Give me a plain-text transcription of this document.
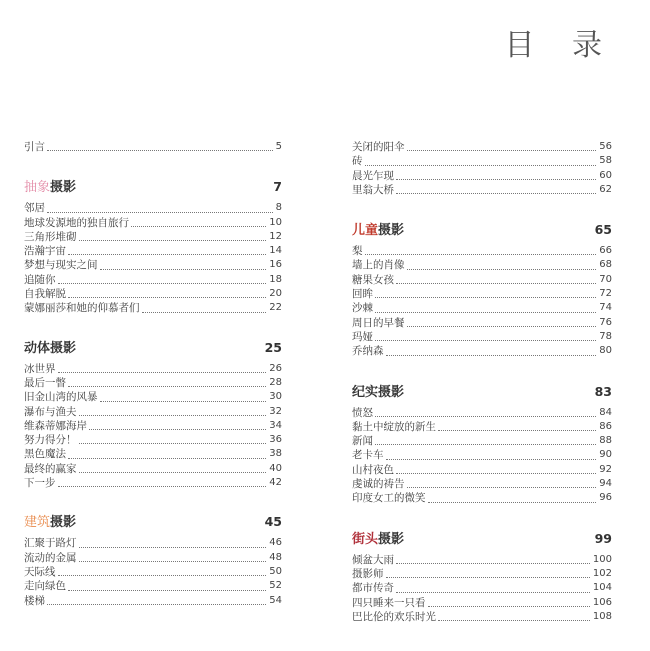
目 录
引言	5
抽象摄影	7
邻居	8
地球发源地的独自旅行	10
三角形堆砌	12
浩瀚宇宙	14
梦想与现实之间	16
追随你	18
自我解脱	20
蒙娜丽莎和她的仰慕者们	22
动体摄影	25
冰世界	26
最后一瞥	28
旧金山湾的风暴	30
瀑布与渔夫	32
维森蒂娜海岸	34
努力得分！	36
黑色魔法	38
最终的赢家	40
下一步	42
建筑摄影	45
汇聚于路灯	46
流动的金属	48
天际线	50
走向绿色	52
楼梯	54
关闭的阳伞	56
砖	58
晨光乍现	60
里翁大桥	62
儿童摄影	65
梨	66
墙上的肖像	68
糖果女孩	70
回眸	72
沙棘	74
周日的早餐	76
玛娅	78
乔纳森	80
纪实摄影	83
愤怒	84
黏土中绽放的新生	86
新闻	88
老卡车	90
山村夜色	92
虔诚的祷告	94
印度女工的微笑	96
街头摄影	99
倾盆大雨	100
摄影师	102
都市传奇	104
四只睡来一只看	106
巴比伦的欢乐时光	108
